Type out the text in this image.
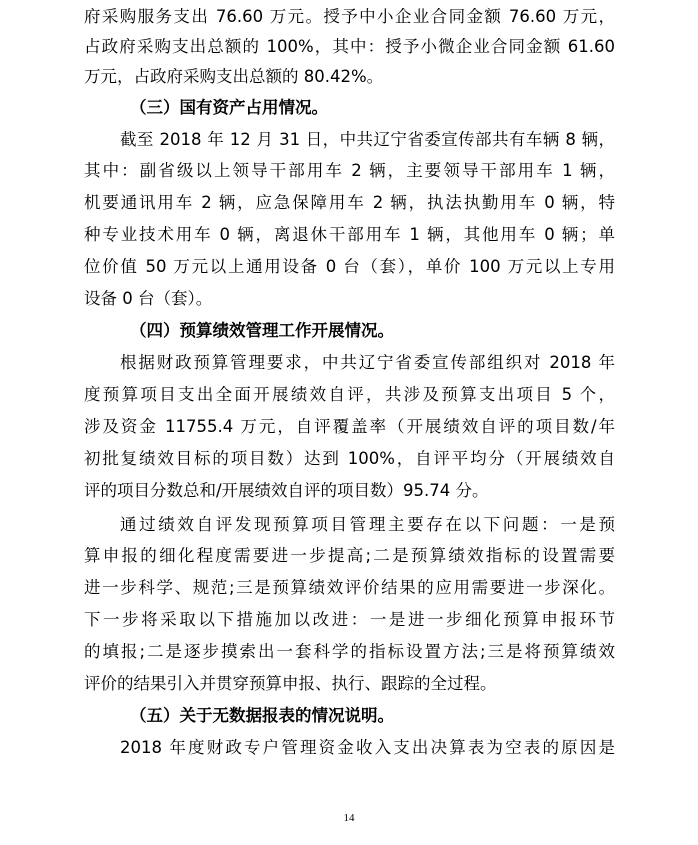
府采购服务支出 76.60 万元。授予中小企业合同金额 76.60 万元，
占政府采购支出总额的 100%，其中：授予小微企业合同金额 61.60
万元，占政府采购支出总额的 80.42%。
（三）国有资产占用情况。
截至 2018 年 12 月 31 日，中共辽宁省委宣传部共有车辆 8 辆，
其中：副省级以上领导干部用车 2 辆，主要领导干部用车 1 辆，
机要通讯用车 2 辆，应急保障用车 2 辆，执法执勤用车 0 辆，特
种专业技术用车 0 辆，离退休干部用车 1 辆，其他用车 0 辆；单
位价值 50 万元以上通用设备 0 台（套），单价 100 万元以上专用
设备 0 台（套）。
（四）预算绩效管理工作开展情况。
根据财政预算管理要求，中共辽宁省委宣传部组织对 2018 年
度预算项目支出全面开展绩效自评，共涉及预算支出项目 5 个，
涉及资金 11755.4 万元，自评覆盖率（开展绩效自评的项目数/年
初批复绩效目标的项目数）达到 100%，自评平均分（开展绩效自
评的项目分数总和/开展绩效自评的项目数）95.74 分。
通过绩效自评发现预算项目管理主要存在以下问题：一是预
算申报的细化程度需要进一步提高;二是预算绩效指标的设置需要
进一步科学、规范;三是预算绩效评价结果的应用需要进一步深化。
下一步将采取以下措施加以改进：一是进一步细化预算申报环节
的填报;二是逐步摸索出一套科学的指标设置方法;三是将预算绩效
评价的结果引入并贯穿预算申报、执行、跟踪的全过程。
（五）关于无数据报表的情况说明。
2018 年度财政专户管理资金收入支出决算表为空表的原因是
14
